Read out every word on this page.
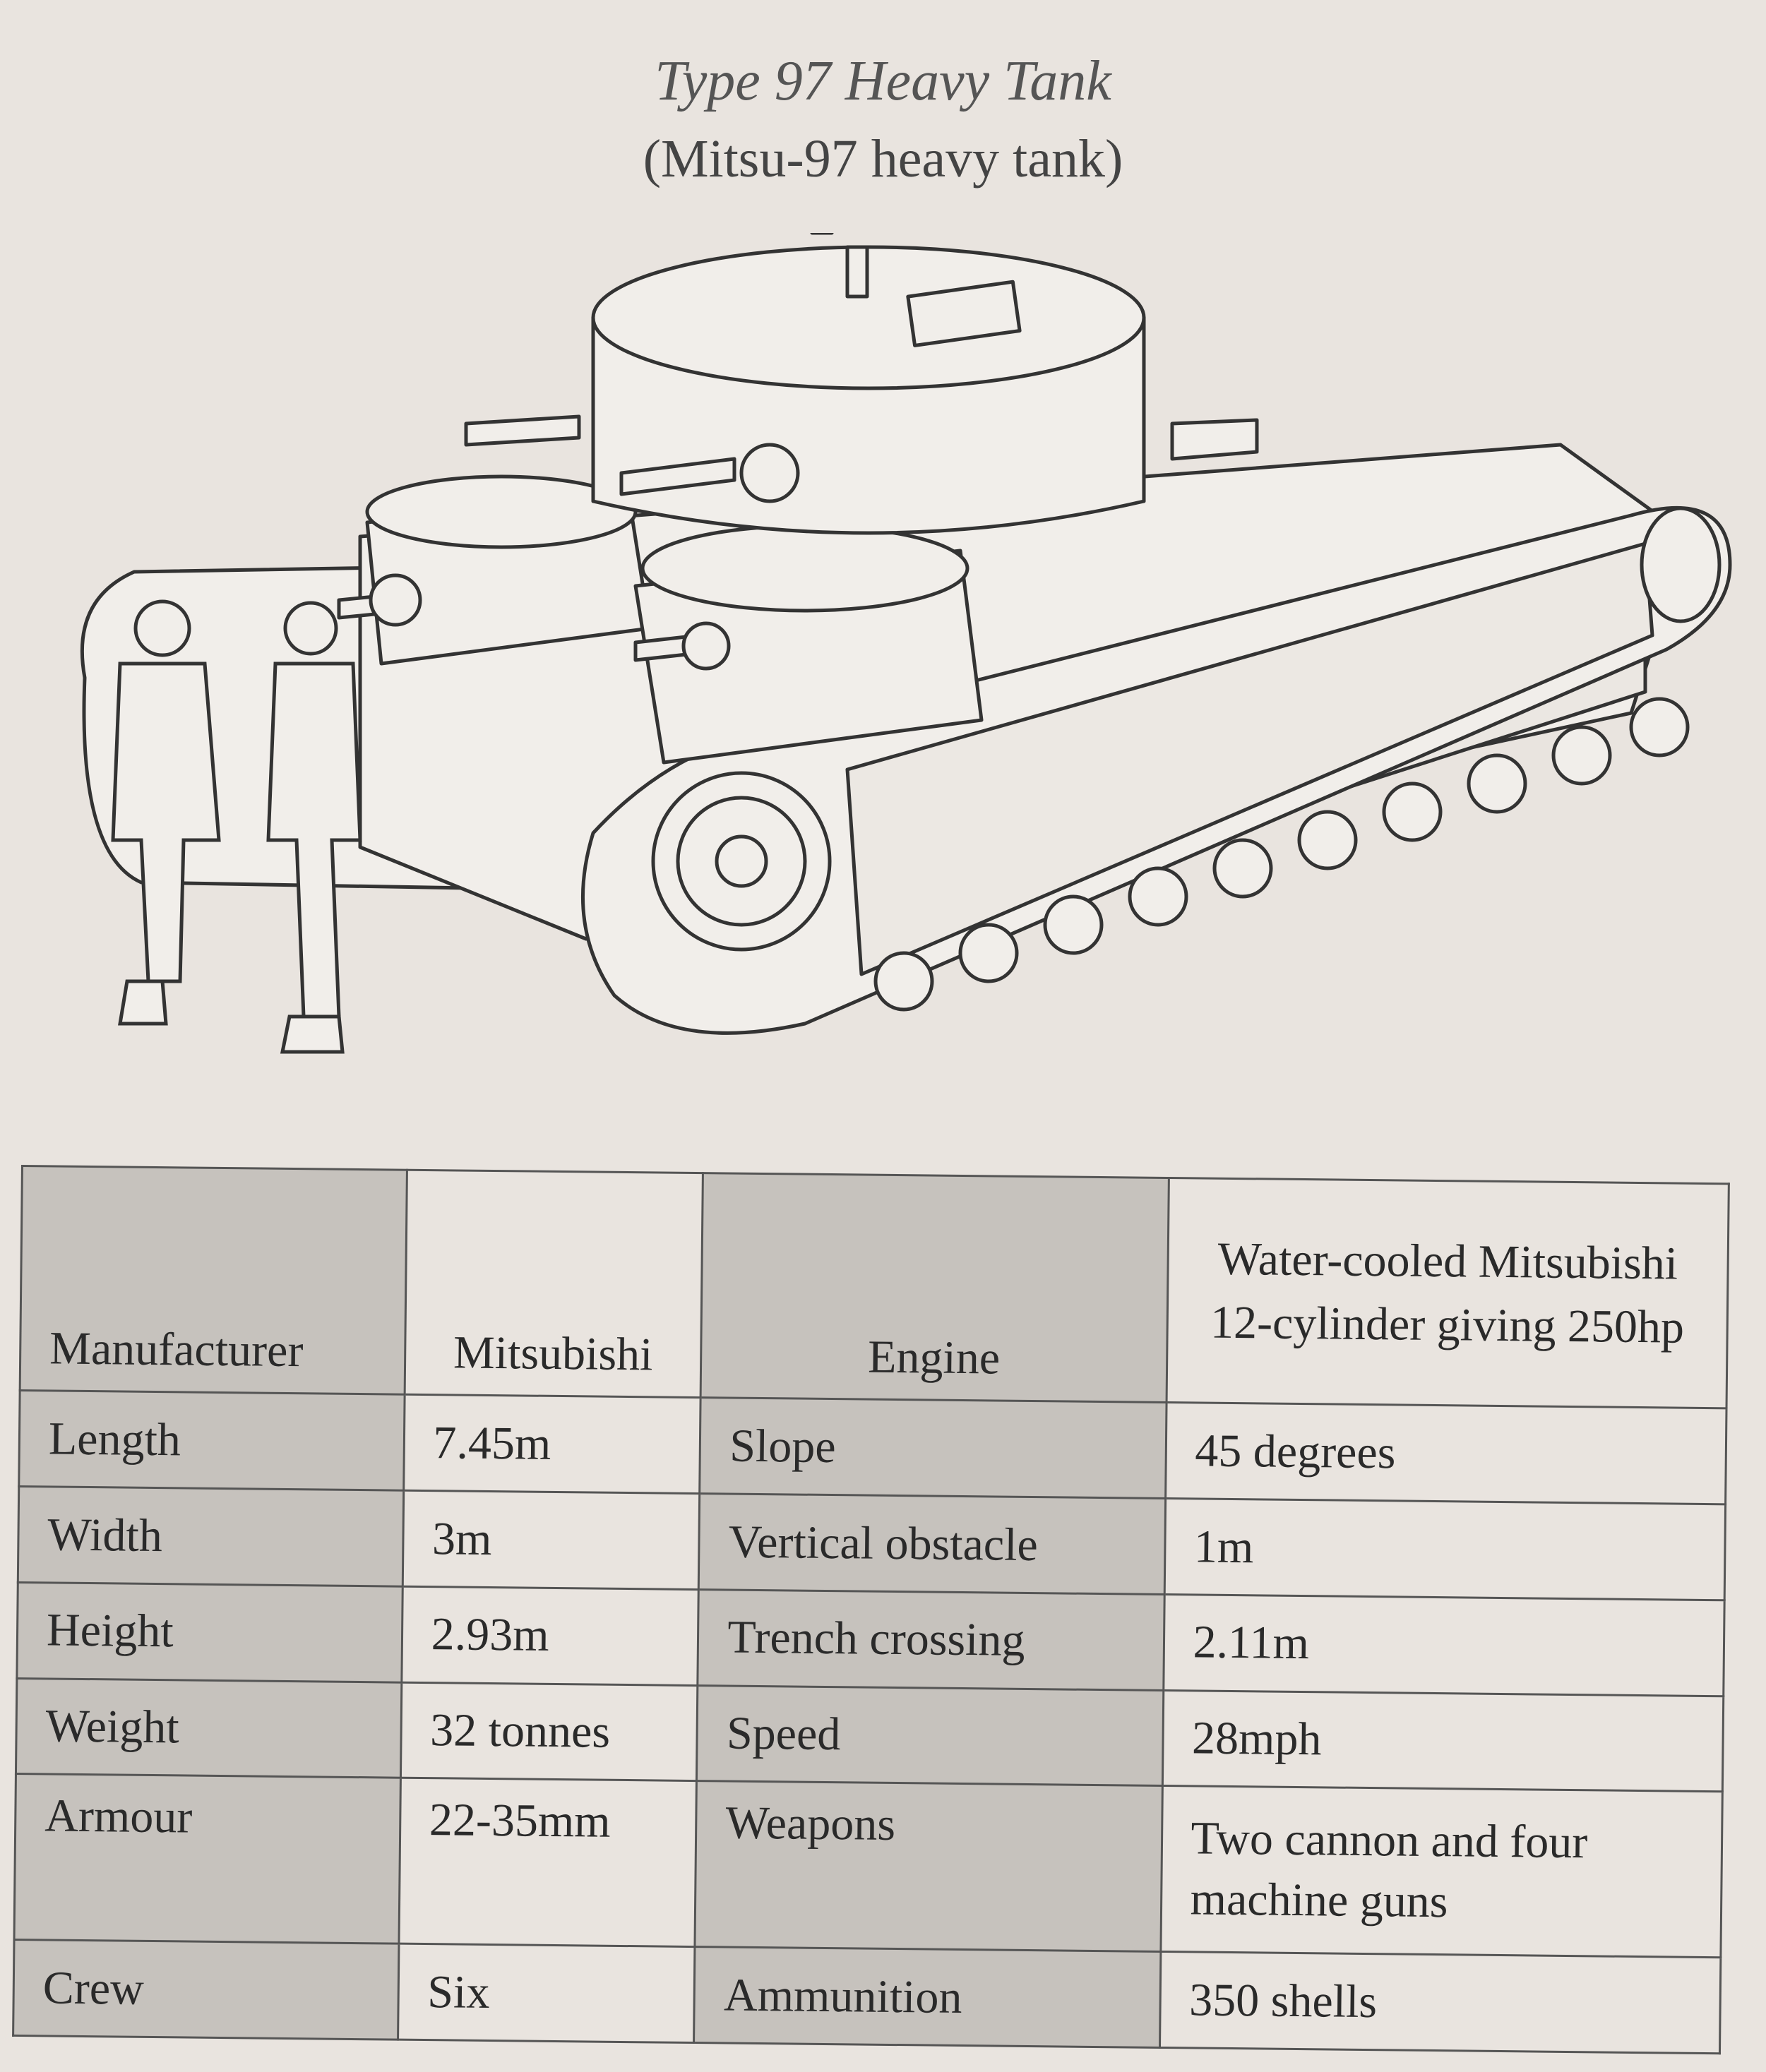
Type 97 Heavy Tank

(Mitsu-97 heavy tank)

Manufacturer	Mitsubishi	Engine	Water-cooled Mitsubishi 12-cylinder giving 250hp
Length	7.45m	Slope	45 degrees
Width	3m	Vertical obstacle	1m
Height	2.93m	Trench crossing	2.11m
Weight	32 tonnes	Speed	28mph
Armour	22-35mm	Weapons	Two cannon and four machine guns
Crew	Six	Ammunition	350 shells
